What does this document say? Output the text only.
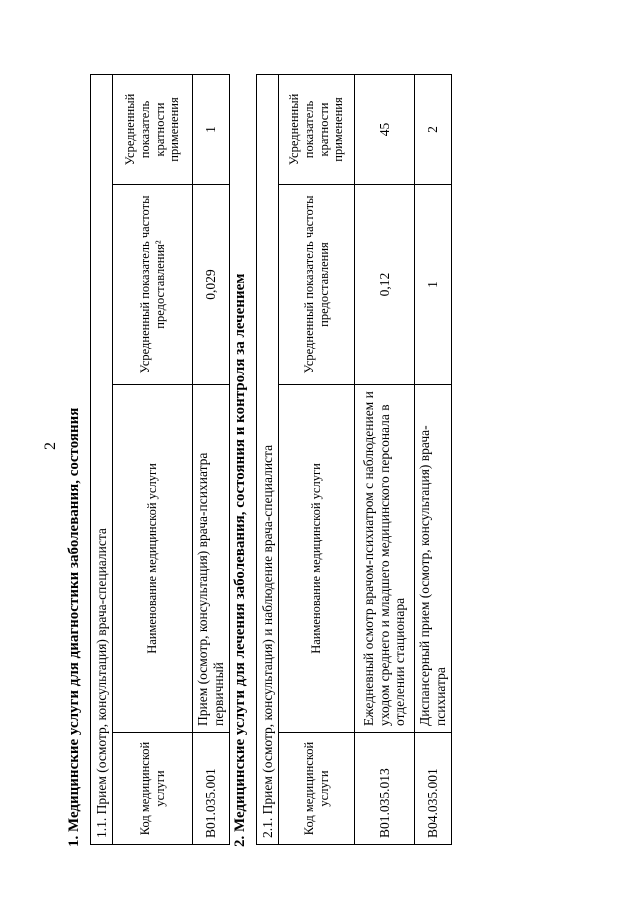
2 1. Медицинские услуги для диагностики заболевания, состояния 1.1. Прием (осмотр, консультация) врача-специалиста			
Код медицинской услуги	Наименование медицинской услуги	Усредненный показатель частоты предоставления²	Усредненный показатель кратности применения
B01.035.001	Прием (осмотр, консультация) врача-психиатра первичный	0,029	1
2. Медицинские услуги для лечения заболевания, состояния и контроля за лечением 2.1. Прием (осмотр, консультация) и наблюдение врача-специалиста			
Код медицинской услуги	Наименование медицинской услуги	Усредненный показатель частоты предоставления	Усредненный показатель кратности применения
B01.035.013	Ежедневный осмотр врачом-психиатром с наблюдением и уходом среднего и младшего медицинского персонала в отделении стационара	0,12	45
B04.035.001	Диспансерный прием (осмотр, консультация) врача-психиатра	1	2
